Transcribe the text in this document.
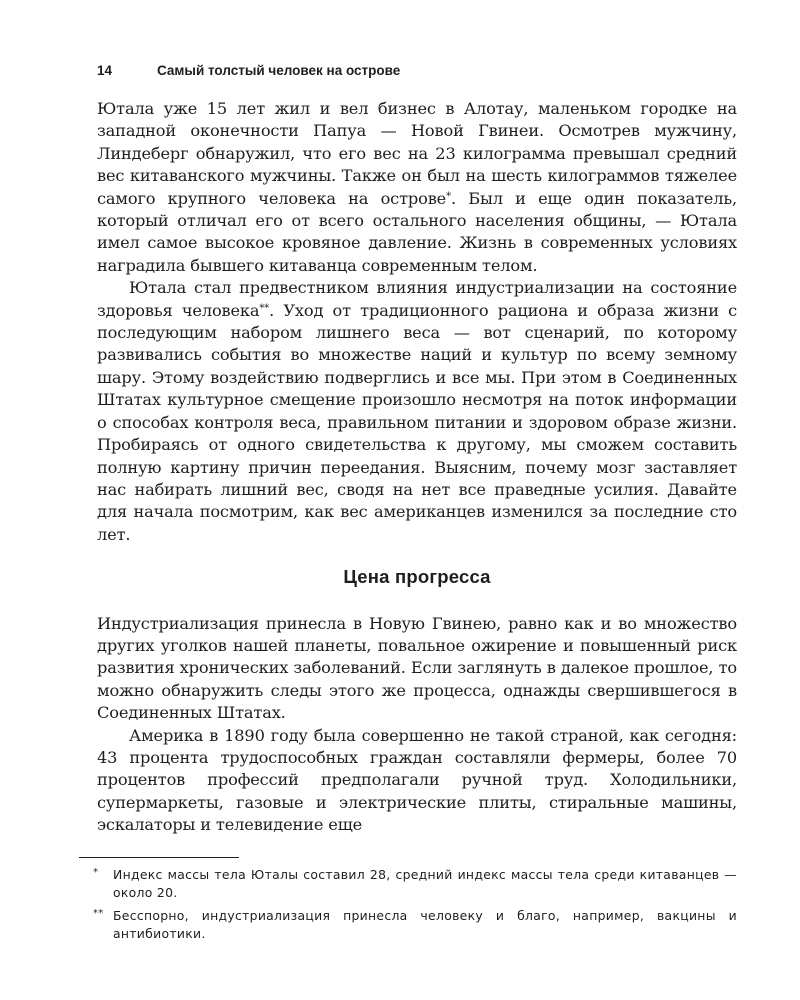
14	Самый толстый человек на острове

Ютала уже 15 лет жил и вел бизнес в Алотау, маленьком городке на западной оконечности Папуа — Новой Гвинеи. Осмотрев мужчину, Линдеберг обнаружил, что его вес на 23 килограмма превышал средний вес китаванского мужчины. Также он был на шесть килограммов тяжелее самого крупного человека на острове*. Был и еще один показатель, который отличал его от всего остального населения общины, — Ютала имел самое высокое кровяное давление. Жизнь в современных условиях наградила бывшего китаванца современным телом.

Ютала стал предвестником влияния индустриализации на состояние здоровья человека**. Уход от традиционного рациона и образа жизни с последующим набором лишнего веса — вот сценарий, по которому развивались события во множестве наций и культур по всему земному шару. Этому воздействию подверглись и все мы. При этом в Соединенных Штатах культурное смещение произошло несмотря на поток информации о способах контроля веса, правильном питании и здоровом образе жизни. Пробираясь от одного свидетельства к другому, мы сможем составить полную картину причин переедания. Выясним, почему мозг заставляет нас набирать лишний вес, сводя на нет все праведные усилия. Давайте для начала посмотрим, как вес американцев изменился за последние сто лет.

Цена прогресса

Индустриализация принесла в Новую Гвинею, равно как и во множество других уголков нашей планеты, повальное ожирение и повышенный риск развития хронических заболеваний. Если заглянуть в далекое прошлое, то можно обнаружить следы этого же процесса, однажды свершившегося в Соединенных Штатах.

Америка в 1890 году была совершенно не такой страной, как сегодня: 43 процента трудоспособных граждан составляли фермеры, более 70 процентов профессий предполагали ручной труд. Холодильники, супермаркеты, газовые и электрические плиты, стиральные машины, эскалаторы и телевидение еще

* Индекс массы тела Юталы составил 28, средний индекс массы тела среди китаванцев — около 20.
** Бесспорно, индустриализация принесла человеку и благо, например, вакцины и антибиотики.
